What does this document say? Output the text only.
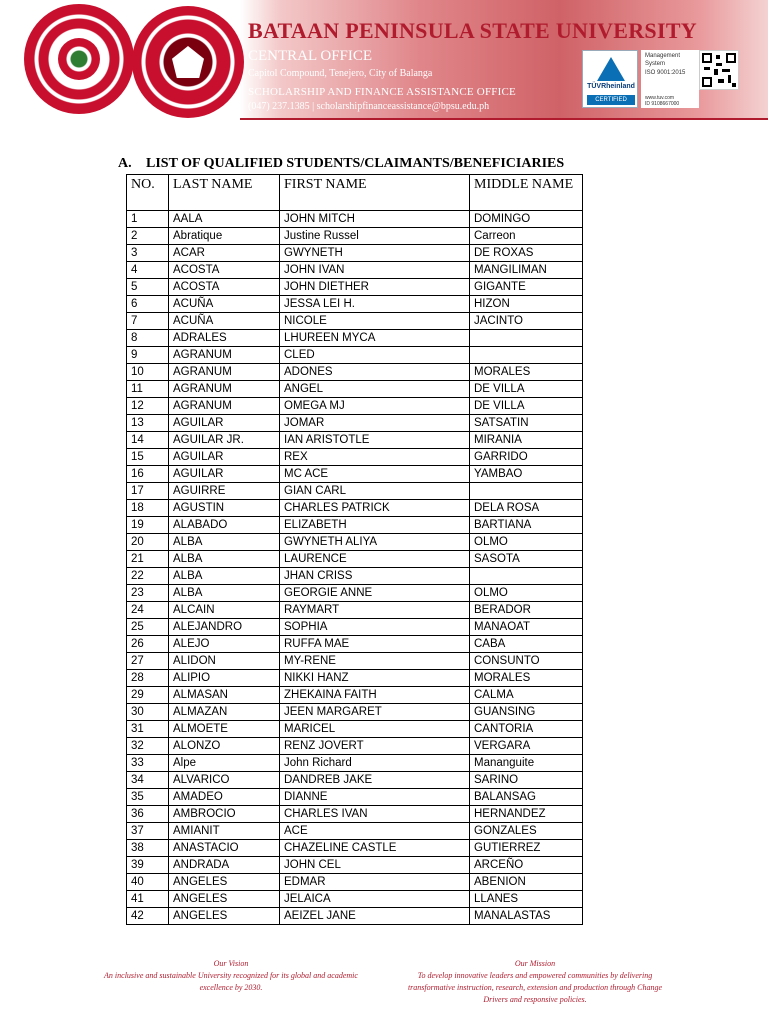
BATAAN PENINSULA STATE UNIVERSITY
CENTRAL OFFICE
Capitol Compound, Tenejero, City of Balanga
SCHOLARSHIP AND FINANCE ASSISTANCE OFFICE
(047) 237.1385 | scholarshipfinanceassistance@bpsu.edu.ph
TÜVRheinland
CERTIFIED
Management
System
ISO 9001:2015
www.tuv.com
ID 9108667000
A. LIST OF QUALIFIED STUDENTS/CLAIMANTS/BENEFICIARIES
NO.	LAST NAME	FIRST NAME	MIDDLE NAME
1	AALA	JOHN MITCH	DOMINGO
2	Abratique	Justine Russel	Carreon
3	ACAR	GWYNETH	DE ROXAS
4	ACOSTA	JOHN IVAN	MANGILIMAN
5	ACOSTA	JOHN DIETHER	GIGANTE
6	ACUÑA	JESSA LEI H.	HIZON
7	ACUÑA	NICOLE	JACINTO
8	ADRALES	LHUREEN MYCA	
9	AGRANUM	CLED	
10	AGRANUM	ADONES	MORALES
11	AGRANUM	ANGEL	DE VILLA
12	AGRANUM	OMEGA MJ	DE VILLA
13	AGUILAR	JOMAR	SATSATIN
14	AGUILAR JR.	IAN ARISTOTLE	MIRANIA
15	AGUILAR	REX	GARRIDO
16	AGUILAR	MC ACE	YAMBAO
17	AGUIRRE	GIAN CARL	
18	AGUSTIN	CHARLES PATRICK	DELA ROSA
19	ALABADO	ELIZABETH	BARTIANA
20	ALBA	GWYNETH ALIYA	OLMO
21	ALBA	LAURENCE	SASOTA
22	ALBA	JHAN CRISS	
23	ALBA	GEORGIE ANNE	OLMO
24	ALCAIN	RAYMART	BERADOR
25	ALEJANDRO	SOPHIA	MANAOAT
26	ALEJO	RUFFA MAE	CABA
27	ALIDON	MY-RENE	CONSUNTO
28	ALIPIO	NIKKI HANZ	MORALES
29	ALMASAN	ZHEKAINA FAITH	CALMA
30	ALMAZAN	JEEN MARGARET	GUANSING
31	ALMOETE	MARICEL	CANTORIA
32	ALONZO	RENZ JOVERT	VERGARA
33	Alpe	John Richard	Mananguite
34	ALVARICO	DANDREB JAKE	SARINO
35	AMADEO	DIANNE	BALANSAG
36	AMBROCIO	CHARLES IVAN	HERNANDEZ
37	AMIANIT	ACE	GONZALES
38	ANASTACIO	CHAZELINE CASTLE	GUTIERREZ
39	ANDRADA	JOHN CEL	ARCEÑO
40	ANGELES	EDMAR	ABENION
41	ANGELES	JELAICA	LLANES
42	ANGELES	AEIZEL JANE	MANALASTAS
Our Vision
An inclusive and sustainable University recognized for its global and academic excellence by 2030.
Our Mission
To develop innovative leaders and empowered communities by delivering transformative instruction, research, extension and production through Change Drivers and responsive policies.
